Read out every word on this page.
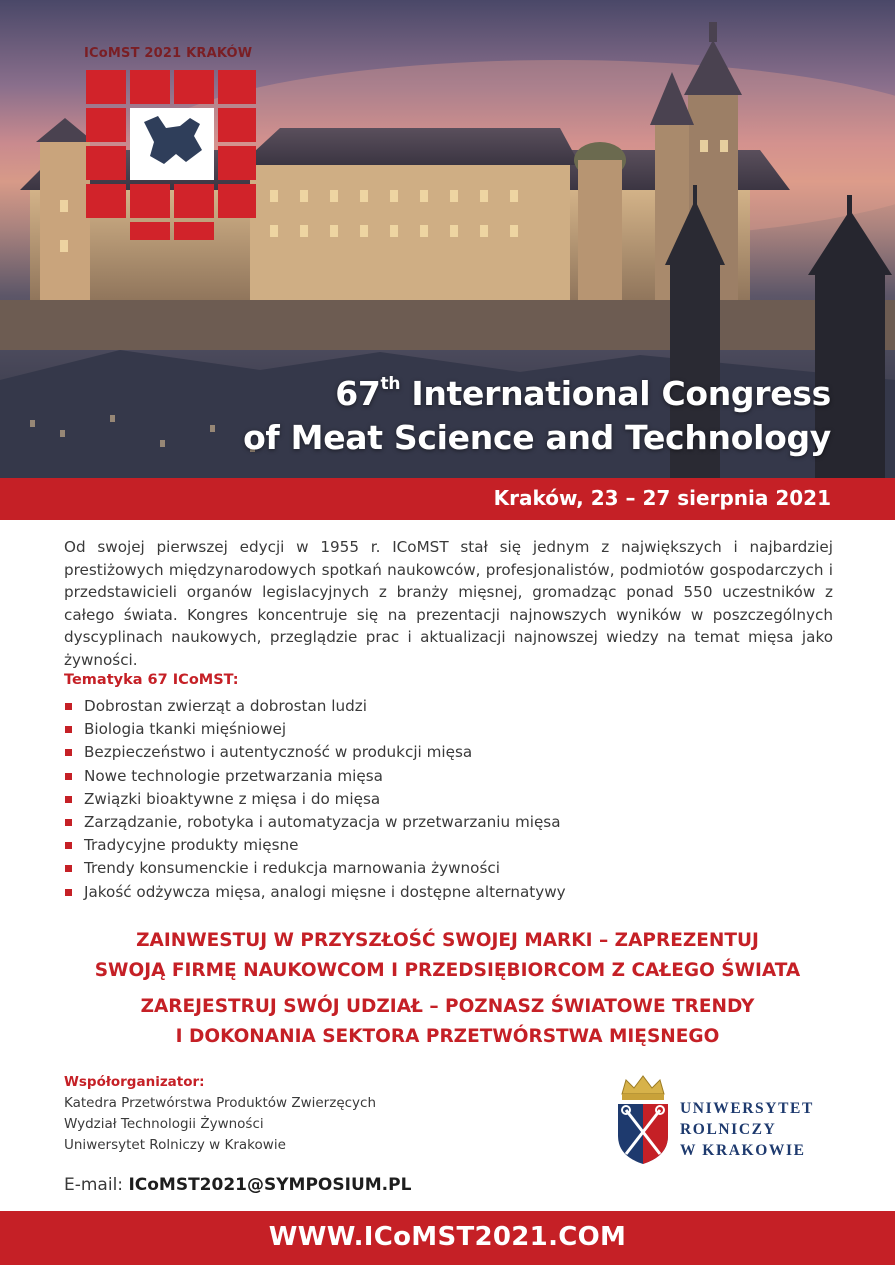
ICoMST 2021 KRAKÓW
67th International Congress
of Meat Science and Technology
Kraków, 23 – 27 sierpnia 2021

Od swojej pierwszej edycji w 1955 r. ICoMST stał się jednym z największych i najbardziej prestiżowych międzynarodowych spotkań naukowców, profesjonalistów, podmiotów gospodarczych i przedstawicieli organów legislacyjnych z branży mięsnej, gromadząc ponad 550 uczestników z całego świata. Kongres koncentruje się na prezentacji najnowszych wyników w poszczególnych dyscyplinach naukowych, przeglądzie prac i aktualizacji najnowszej wiedzy na temat mięsa jako żywności.

Tematyka 67 ICoMST:
Dobrostan zwierząt a dobrostan ludzi
Biologia tkanki mięśniowej
Bezpieczeństwo i autentyczność w produkcji mięsa
Nowe technologie przetwarzania mięsa
Związki bioaktywne z mięsa i do mięsa
Zarządzanie, robotyka i automatyzacja w przetwarzaniu mięsa
Tradycyjne produkty mięsne
Trendy konsumenckie i redukcja marnowania żywności
Jakość odżywcza mięsa, analogi mięsne i dostępne alternatywy
ZAINWESTUJ W PRZYSZŁOŚĆ SWOJEJ MARKI – ZAPREZENTUJ
SWOJĄ FIRMĘ NAUKOWCOM I PRZEDSIĘBIORCOM Z CAŁEGO ŚWIATA
ZAREJESTRUJ SWÓJ UDZIAŁ – POZNASZ ŚWIATOWE TRENDY
I DOKONANIA SEKTORA PRZETWÓRSTWA MIĘSNEGO
Współorganizator:
Katedra Przetwórstwa Produktów Zwierzęcych
Wydział Technologii Żywności
Uniwersytet Rolniczy w Krakowie
UNIWERSYTET
ROLNICZY
W KRAKOWIE
E-mail: ICoMST2021@SYMPOSIUM.PL
WWW.ICoMST2021.COM
